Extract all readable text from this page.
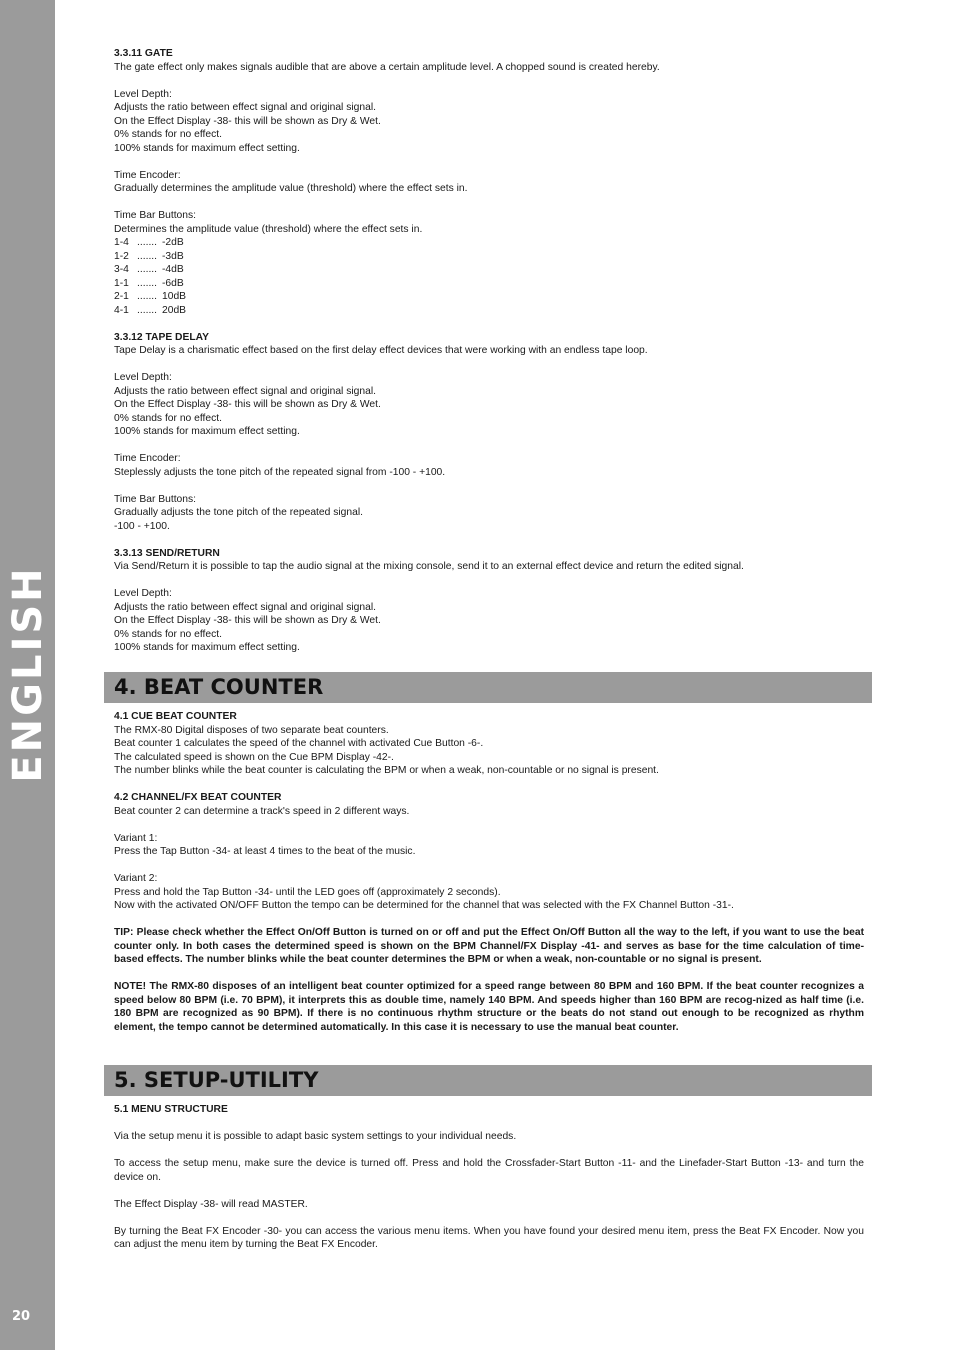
ENGLISH
20
3.3.11 GATE

The gate effect only makes signals audible that are above a certain amplitude level. A chopped sound is created hereby.

Level Depth:
Adjusts the ratio between effect signal and original signal.
On the Effect Display -38- this will be shown as Dry & Wet.
0% stands for no effect.
100% stands for maximum effect setting.

Time Encoder:
Gradually determines the amplitude value (threshold) where the effect sets in.

Time Bar Buttons:
Determines the amplitude value (threshold) where the effect sets in.
1-4 ....... -2dB
1-2 ....... -3dB
3-4 ....... -4dB
1-1 ....... -6dB
2-1 ....... 10dB
4-1 ....... 20dB

3.3.12 TAPE DELAY

Tape Delay is a charismatic effect based on the first delay effect devices that were working with an endless tape loop.

Level Depth:
Adjusts the ratio between effect signal and original signal.
On the Effect Display -38- this will be shown as Dry & Wet.
0% stands for no effect.
100% stands for maximum effect setting.

Time Encoder:
Steplessly adjusts the tone pitch of the repeated signal from -100 - +100.

Time Bar Buttons:
Gradually adjusts the tone pitch of the repeated signal.
-100 - +100.

3.3.13 SEND/RETURN

Via Send/Return it is possible to tap the audio signal at the mixing console, send it to an external effect device and return the edited signal.

Level Depth:
Adjusts the ratio between effect signal and original signal.
On the Effect Display -38- this will be shown as Dry & Wet.
0% stands for no effect.
100% stands for maximum effect setting.

4. BEAT COUNTER
4.1 CUE BEAT COUNTER

The RMX-80 Digital disposes of two separate beat counters.
Beat counter 1 calculates the speed of the channel with activated Cue Button -6-.
The calculated speed is shown on the Cue BPM Display -42-.
The number blinks while the beat counter is calculating the BPM or when a weak, non-countable or no signal is present.

4.2 CHANNEL/FX BEAT COUNTER

Beat counter 2 can determine a track's speed in 2 different ways.

Variant 1:
Press the Tap Button -34- at least 4 times to the beat of the music.

Variant 2:
Press and hold the Tap Button -34- until the LED goes off (approximately 2 seconds).
Now with the activated ON/OFF Button the tempo can be determined for the channel that was selected with the FX Channel Button -31-.

TIP: Please check whether the Effect On/Off Button is turned on or off and put the Effect On/Off Button all the way to the left, if you want to use the beat counter only. In both cases the determined speed is shown on the BPM Channel/FX Display -41- and serves as base for the time calculation of time-based effects. The number blinks while the beat counter determines the BPM or when a weak, non-countable or no signal is present.

NOTE! The RMX-80 disposes of an intelligent beat counter optimized for a speed range between 80 BPM and 160 BPM. If the beat counter recognizes a speed below 80 BPM (i.e. 70 BPM), it interprets this as double time, namely 140 BPM. And speeds higher than 160 BPM are recog-nized as half time (i.e. 180 BPM are recognized as 90 BPM). If there is no continuous rhythm structure or the beats do not stand out enough to be recognized as rhythm element, the tempo cannot be determined automatically. In this case it is necessary to use the manual beat counter.

5. SETUP-UTILITY
5.1 MENU STRUCTURE

Via the setup menu it is possible to adapt basic system settings to your individual needs.

To access the setup menu, make sure the device is turned off. Press and hold the Crossfader-Start Button -11- and the Linefader-Start Button -13- and turn the device on.

The Effect Display -38- will read MASTER.

By turning the Beat FX Encoder -30- you can access the various menu items. When you have found your desired menu item, press the Beat FX Encoder. Now you can adjust the menu item by turning the Beat FX Encoder.
